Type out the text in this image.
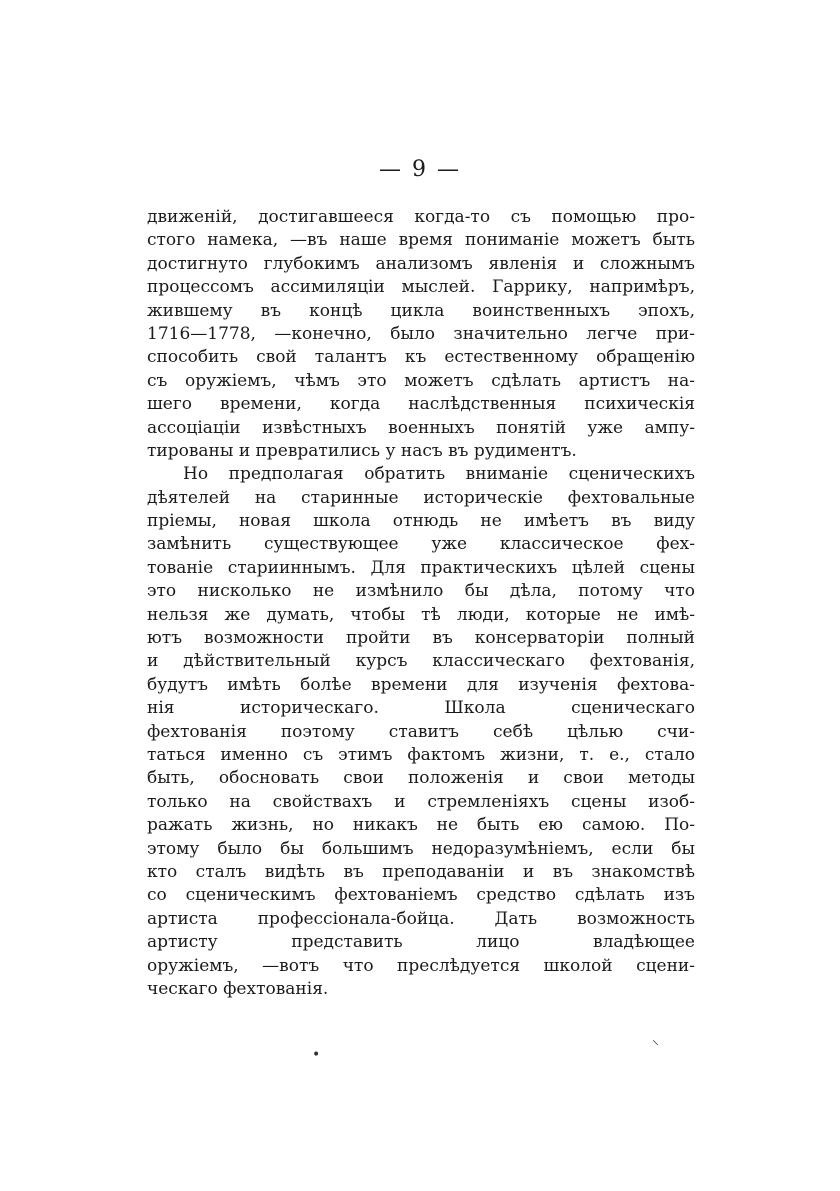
— 9 —
движеній, достигавшееся когда-то съ помощью про-
стого намека, —въ наше время пониманіе можетъ быть
достигнуто глубокимъ анализомъ явленія и сложнымъ
процессомъ ассимиляціи мыслей. Гаррику, напримѣръ,
жившему въ концѣ цикла воинственныхъ эпохъ,
1716—1778, —конечно, было значительно легче при-
способить свой талантъ къ естественному обращенію
съ оружіемъ, чѣмъ это можетъ сдѣлать артистъ на-
шего времени, когда наслѣдственныя психическія
ассоціаціи извѣстныхъ военныхъ понятій уже ампу-
тированы и превратились у насъ въ рудиментъ.
Но предполагая обратить вниманіе сценическихъ
дѣятелей на старинные историческіе фехтовальные
пріемы, новая школа отнюдь не имѣетъ въ виду
замѣнить существующее уже классическое фех-
тованіе старииннымъ. Для практическихъ цѣлей сцены
это нисколько не измѣнило бы дѣла, потому что
нельзя же думать, чтобы тѣ люди, которые не имѣ-
ютъ возможности пройти въ консерваторіи полный
и дѣйствительный курсъ классическаго фехтованія,
будутъ имѣть болѣе времени для изученія фехтова-
нія историческаго. Школа сценическаго
фехтованія поэтому ставитъ себѣ цѣлью счи-
таться именно съ этимъ фактомъ жизни, т. е., стало
быть, обосновать свои положенія и свои методы
только на свойствахъ и стремленіяхъ сцены изоб-
ражать жизнь, но никакъ не быть ею самою. По-
этому было бы большимъ недоразумѣніемъ, если бы
кто сталъ видѣть въ преподаваніи и въ знакомствѣ
со сценическимъ фехтованіемъ средство сдѣлать изъ
артиста профессіонала-бойца. Дать возможность
артисту представить лицо владѣющее
оружіемъ, —вотъ что преслѣдуется школой сцени-
ческаго фехтованія.
•
⸌
